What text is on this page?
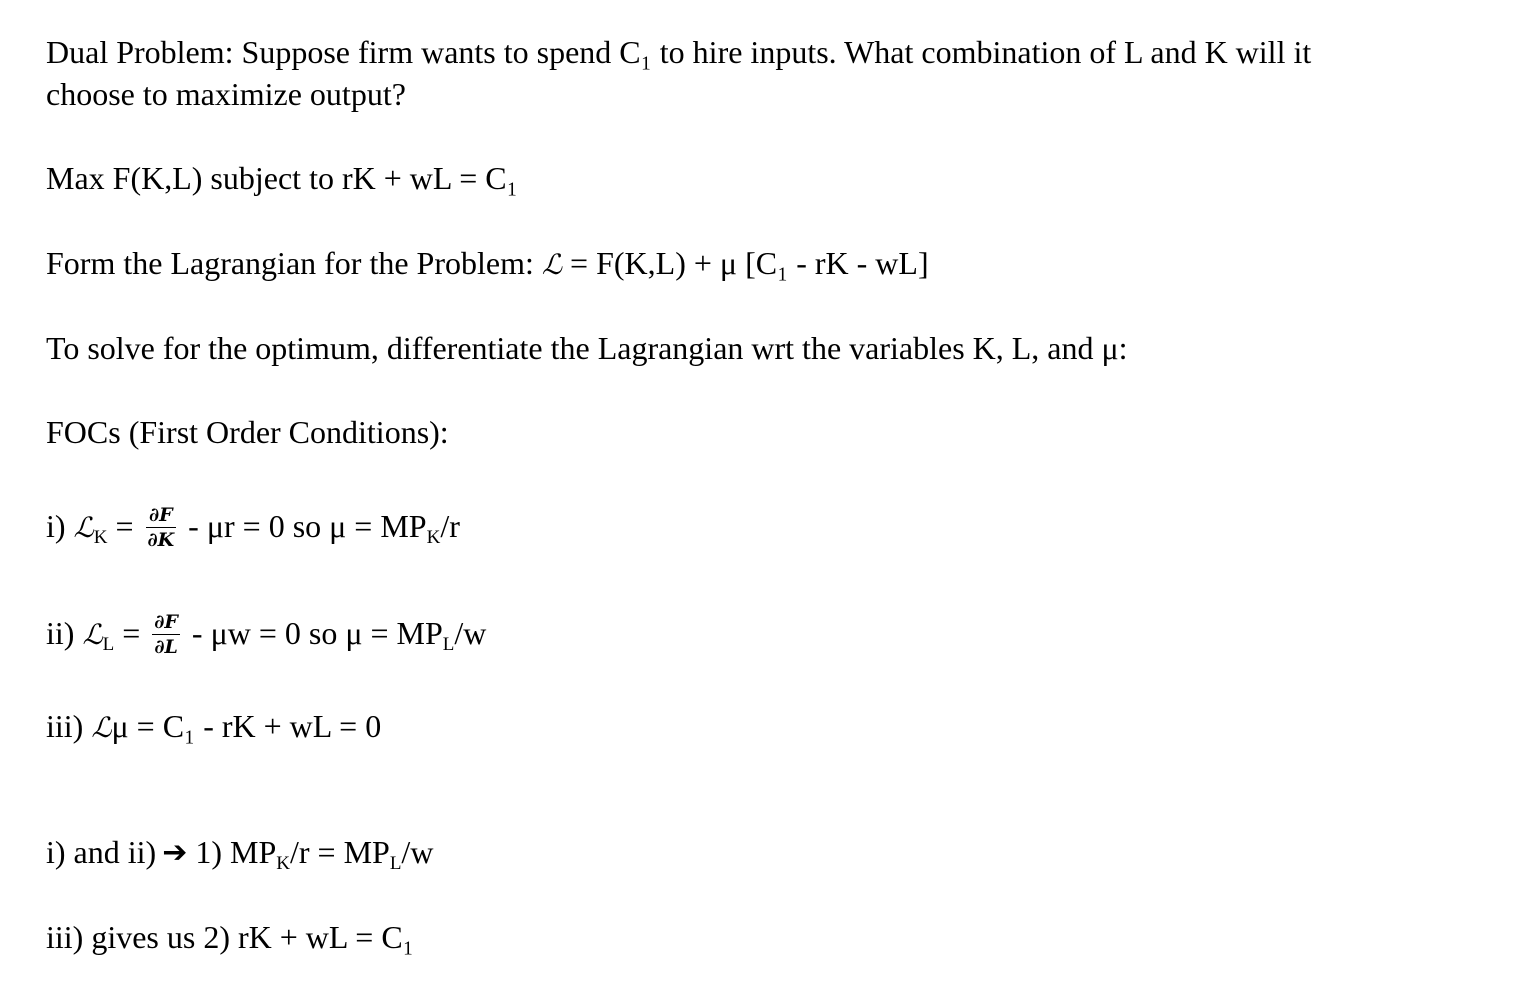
Dual Problem: Suppose firm wants to spend C₁ to hire inputs. What combination of L and K will it
choose to maximize output?
Max F(K,L) subject to rK + wL = C₁
Form the Lagrangian for the Problem: ℒ = F(K,L) + μ [C₁ - rK - wL]
To solve for the optimum, differentiate the Lagrangian wrt the variables K, L, and μ:
FOCs (First Order Conditions):
i) ℒK = $\frac{\partial F}{\partial K} - \mu r = 0$ so μ = MPK/r
ii) ℒL = $\frac{\partial F}{\partial L} - \mu w = 0$ so μ = MPL/w
iii) ℒμ = C₁ - rK + wL = 0
i) and ii) ➔ 1) MPK/r = MPL/w
iii) gives us 2) rK + wL = C₁
